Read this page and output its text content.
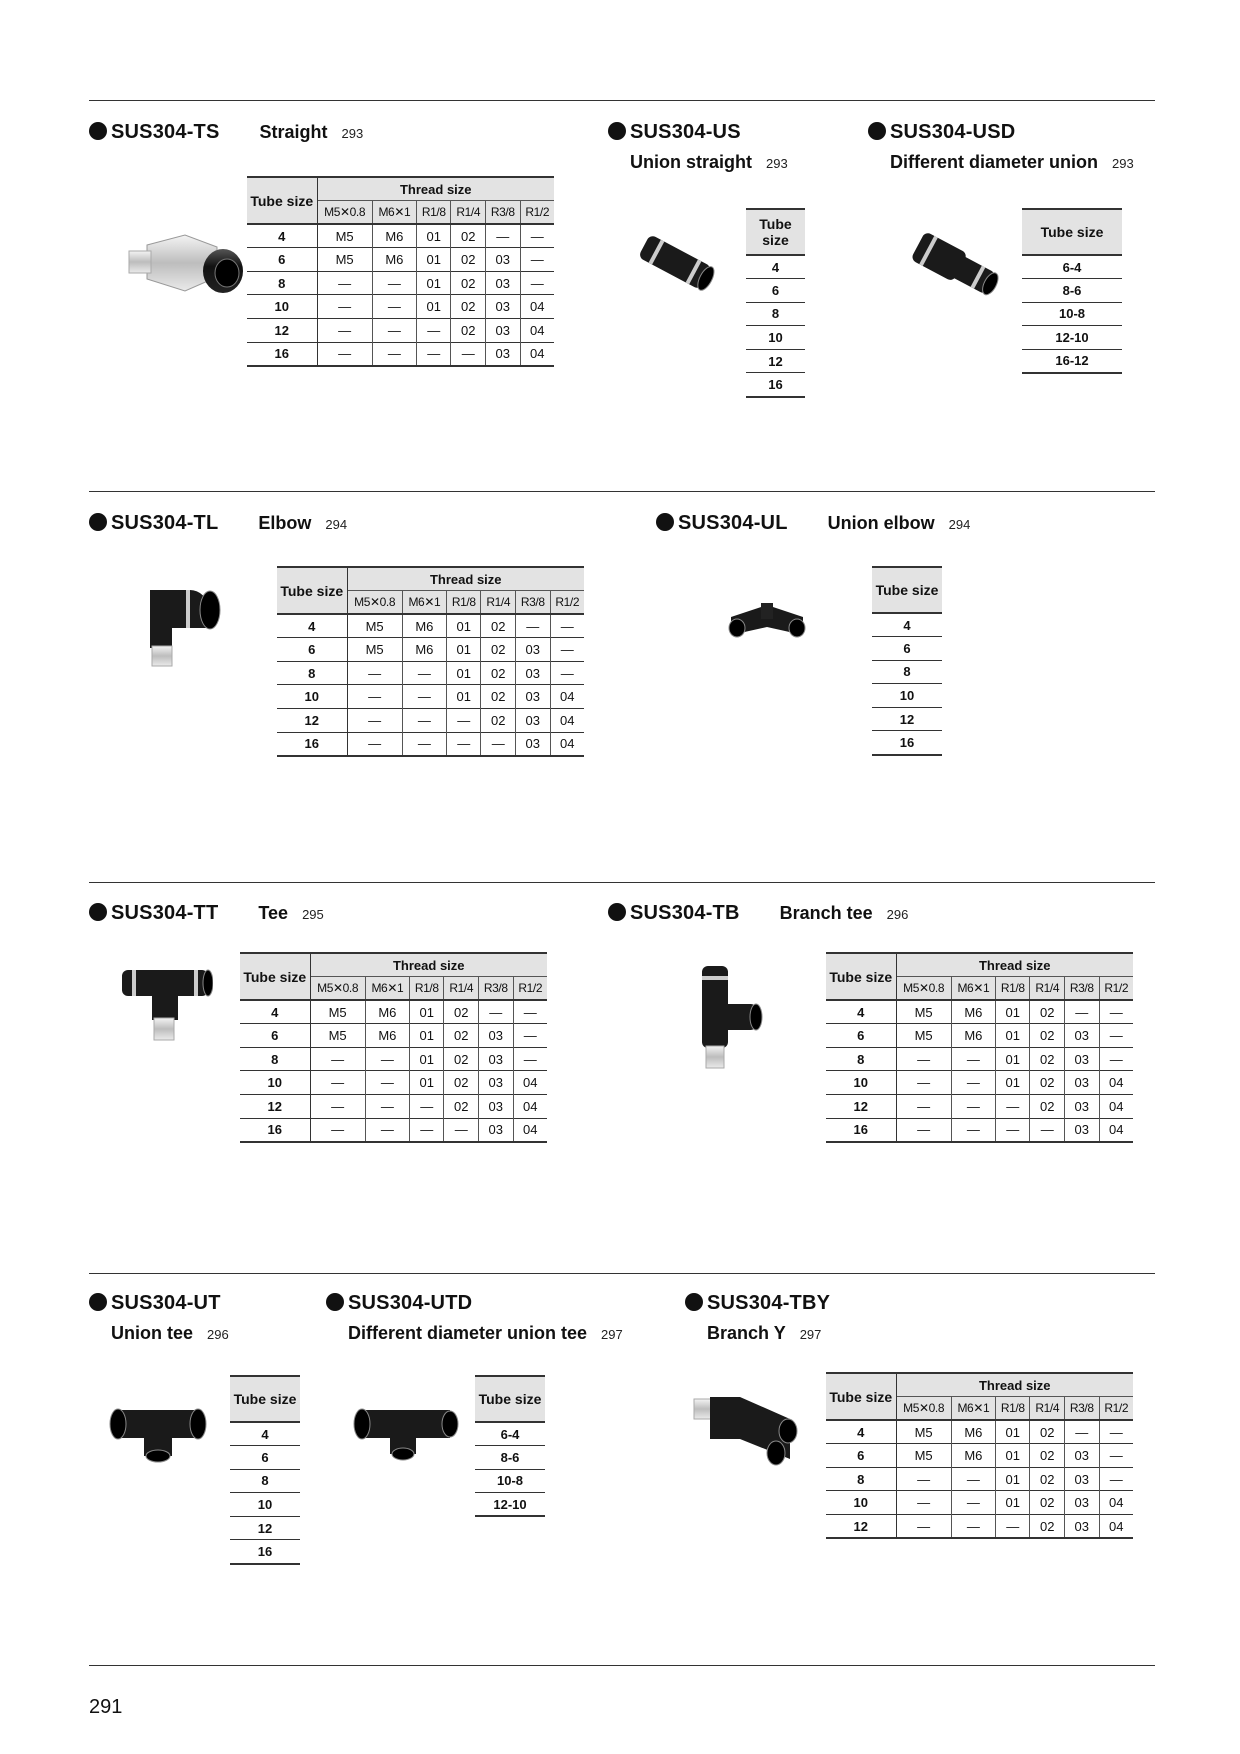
SUS304-TS Straight 293
Tube size	Thread size					
	M5✕0.8	M6✕1	R1/8	R1/4	R3/8	R1/2
4	M5	M6	01	02	—	—
6	M5	M6	01	02	03	—
8	—	—	01	02	03	—
10	—	—	01	02	03	04
12	—	—	—	02	03	04
16	—	—	—	—	03	04
SUS304-US
Union straight 293
Tube size
4
6
8
10
12
16
SUS304-USD
Different diameter union 293
Tube size
6-4
8-6
10-8
12-10
16-12
SUS304-TL Elbow 294
Tube size	Thread size					
	M5✕0.8	M6✕1	R1/8	R1/4	R3/8	R1/2
4	M5	M6	01	02	—	—
6	M5	M6	01	02	03	—
8	—	—	01	02	03	—
10	—	—	01	02	03	04
12	—	—	—	02	03	04
16	—	—	—	—	03	04
SUS304-UL Union elbow 294
Tube size
4
6
8
10
12
16
SUS304-TT Tee 295
Tube size	Thread size					
	M5✕0.8	M6✕1	R1/8	R1/4	R3/8	R1/2
4	M5	M6	01	02	—	—
6	M5	M6	01	02	03	—
8	—	—	01	02	03	—
10	—	—	01	02	03	04
12	—	—	—	02	03	04
16	—	—	—	—	03	04
SUS304-TB Branch tee 296
Tube size	Thread size					
	M5✕0.8	M6✕1	R1/8	R1/4	R3/8	R1/2
4	M5	M6	01	02	—	—
6	M5	M6	01	02	03	—
8	—	—	01	02	03	—
10	—	—	01	02	03	04
12	—	—	—	02	03	04
16	—	—	—	—	03	04
SUS304-UT
Union tee 296
Tube size
4
6
8
10
12
16
SUS304-UTD
Different diameter union tee 297
Tube size
6-4
8-6
10-8
12-10
SUS304-TBY
Branch Y 297
Tube size	Thread size					
	M5✕0.8	M6✕1	R1/8	R1/4	R3/8	R1/2
4	M5	M6	01	02	—	—
6	M5	M6	01	02	03	—
8	—	—	01	02	03	—
10	—	—	01	02	03	04
12	—	—	—	02	03	04
291
